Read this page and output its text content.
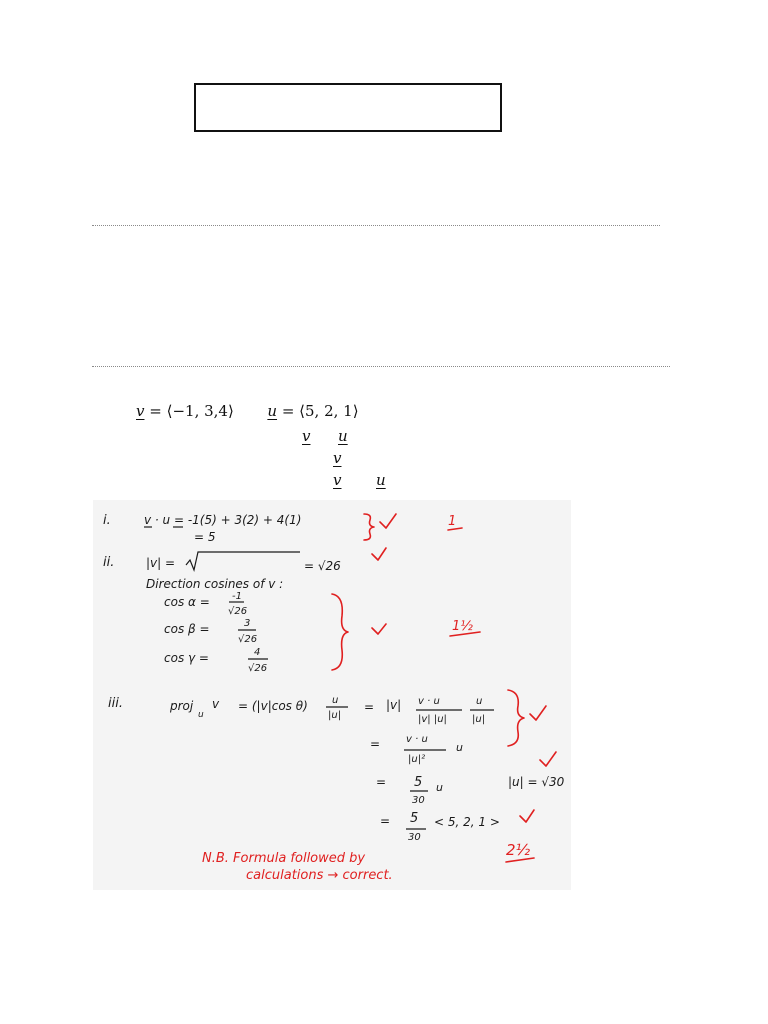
v = ⟨−1, 3,4⟩ u = ⟨5, 2, 1⟩
v u
v
v u
i.	v · u = -1(5) + 3(2) + 4(1)
= 5
ii.	|v| =	= √26
Direction cosines of v :
cos α = -1
√26
cos β =	3
√26
cos γ =	4
√26
iii.	proj
u
v = (|v|cos θ) u
|u|
= |v| v · u
|v| |u|
u
|u|
=	v · u
|u|²
u
= 5
30
u	|u| = √30
= 5
30
< 5, 2, 1 >
1
1½
2½
N.B. Formula followed by
calculations → correct.
